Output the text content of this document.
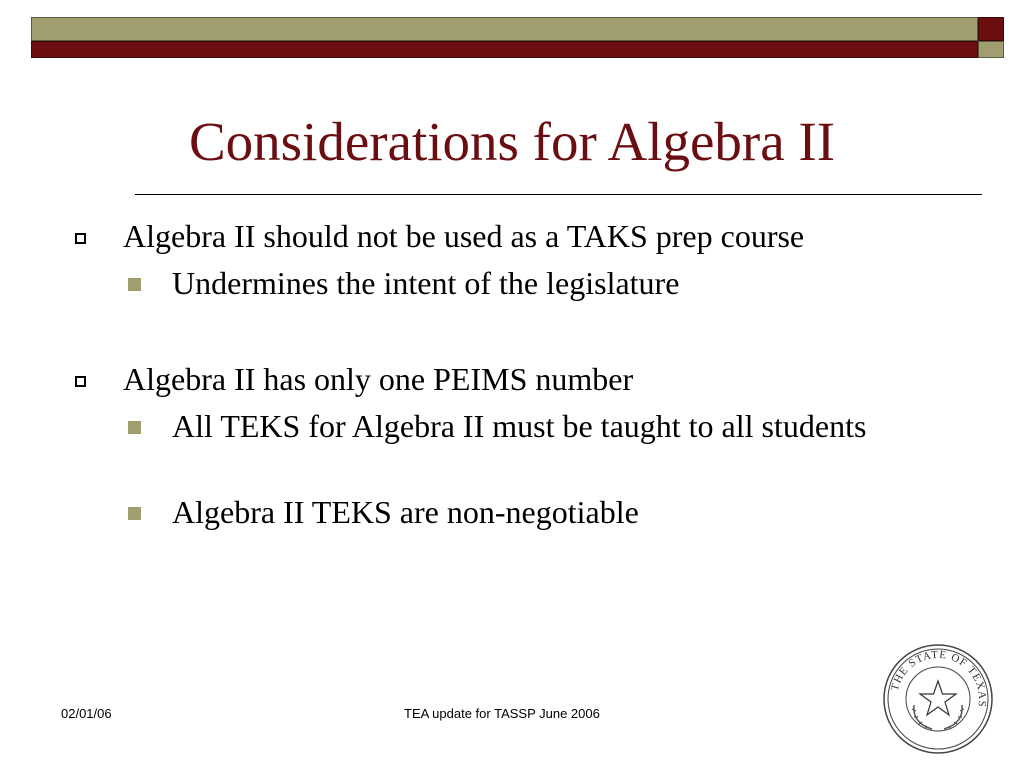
Considerations for Algebra II
Algebra II should not be used as a TAKS prep course
Undermines the intent of the legislature
Algebra II has only one PEIMS number
All TEKS for Algebra II must be taught to all students
Algebra II TEKS are non-negotiable
02/01/06	TEA update for TASSP June 2006
THE STATE OF TEXAS
